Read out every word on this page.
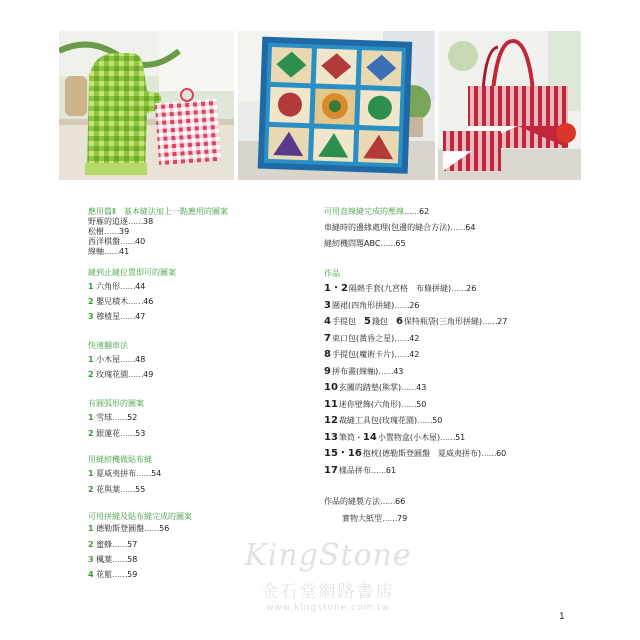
應用篇Ⅱ　基本縫法加上一點應用的圖案
野雁的追逐……38
松樹……39
西洋棋盤……40
線軸……41
縫到止縫位置即可的圖案
1 六角形……44
2 嬰兒積木……46
3 穆楂星……47
快速翻車法
1 小木屋……48
2 玫瑰花園……49
有圓弧形的圖案
1 雪球……52
2 銀蓮花……53
用縫紉機做貼布縫
1 夏威夷拼布……54
2 花與葉……55
可用拼縫及貼布縫完成的圖案
1 德勒斯登圓盤……56
2 蜜蜂……57
3 楓葉……58
4 花籃……59
可用直線縫完成的壓線……62
車縫時的邊緣處理(包邊的縫合方法)……64
縫紉機問題ABC……65
作品
1・2 隔熱手套(九宮格　布條拼縫) …… 26
3 圍裙(四角形拼縫) …… 26
4 手提包　 5 錢包　 6 保特瓶袋(三角形拼縫) …… 27
7 束口包(黃昏之星) …… 42
8 手提包(魔術卡片) …… 42
9 拼布畫(線軸) …… 43
10 玄關的踏墊(熊掌) …… 43
11 迷你壁飾(六角形) …… 50
12 裁縫工具包(玫瑰花園) …… 50
13 筆筒・ 14 小置物盒(小木屋) …… 51
15・16 抱枕(德勒斯登圓盤　夏威夷拼布) …… 60
17 樣品拼布 …… 61
作品的縫製方法……66
實物大紙型……79
KingStone
金石堂網路書店
www.kingstone.com.tw
1
